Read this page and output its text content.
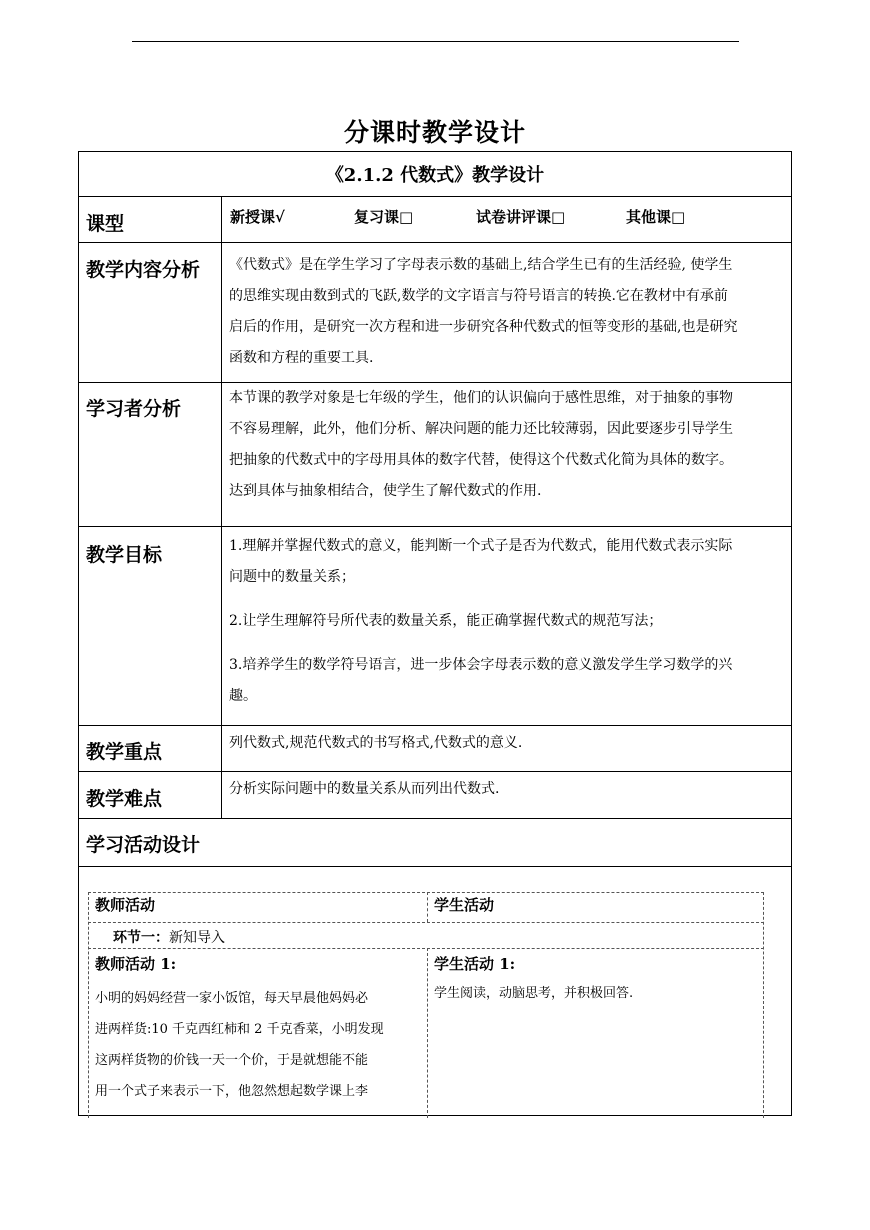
分课时教学设计
《2.1.2 代数式》教学设计
课型	新授课√	复习课□	试卷讲评课□	其他课□
教学内容分析 《代数式》是在学生学习了字母表示数的基础上,结合学生已有的生活经验, 使学生
的思维实现由数到式的飞跃,数学的文字语言与符号语言的转换.它在教材中有承前
启后的作用，是研究一次方程和进一步研究各种代数式的恒等变形的基础,也是研究
函数和方程的重要工具.
学习者分析	本节课的教学对象是七年级的学生，他们的认识偏向于感性思维，对于抽象的事物
不容易理解，此外，他们分析、解决问题的能力还比较薄弱，因此要逐步引导学生
把抽象的代数式中的字母用具体的数字代替，使得这个代数式化简为具体的数字。
达到具体与抽象相结合，使学生了解代数式的作用.
教学目标	1.理解并掌握代数式的意义，能判断一个式子是否为代数式，能用代数式表示实际
问题中的数量关系；
2.让学生理解符号所代表的数量关系，能正确掌握代数式的规范写法；
3.培养学生的数学符号语言，进一步体会字母表示数的意义激发学生学习数学的兴
趣。
教学重点	列代数式,规范代数式的书写格式,代数式的意义.
教学难点	分析实际问题中的数量关系从而列出代数式.
学习活动设计
教师活动	学生活动
环节一：新知导入
教师活动 1:
小明的妈妈经营一家小饭馆，每天早晨他妈妈必
进两样货:10 千克西红柿和 2 千克香菜，小明发现
这两样货物的价钱一天一个价，于是就想能不能
用一个式子来表示一下，他忽然想起数学课上李
学生活动 1:
学生阅读，动脑思考，并积极回答.
